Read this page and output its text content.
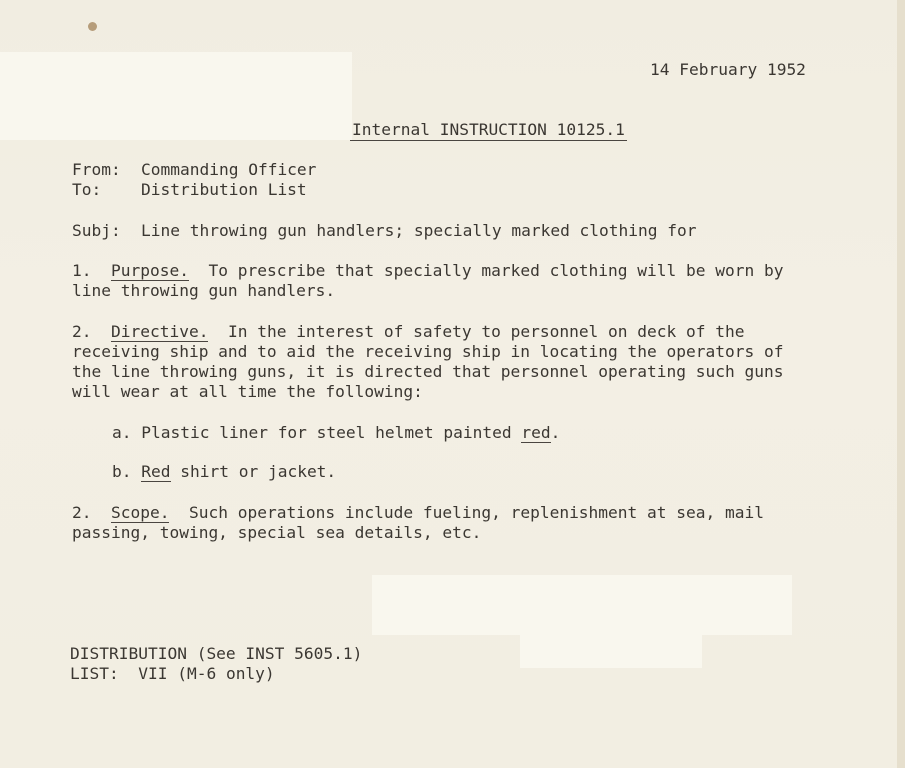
14 February 1952
Internal INSTRUCTION 10125.1
From: Commanding Officer
To: Distribution List
Subj: Line throwing gun handlers; specially marked clothing for
1. Purpose. To prescribe that specially marked clothing will be worn by
line throwing gun handlers.
2. Directive. In the interest of safety to personnel on deck of the
receiving ship and to aid the receiving ship in locating the operators of
the line throwing guns, it is directed that personnel operating such guns
will wear at all time the following:
a. Plastic liner for steel helmet painted red.
b. Red shirt or jacket.
2. Scope. Such operations include fueling, replenishment at sea, mail
passing, towing, special sea details, etc.
DISTRIBUTION (See INST 5605.1)
LIST: VII (M-6 only)
